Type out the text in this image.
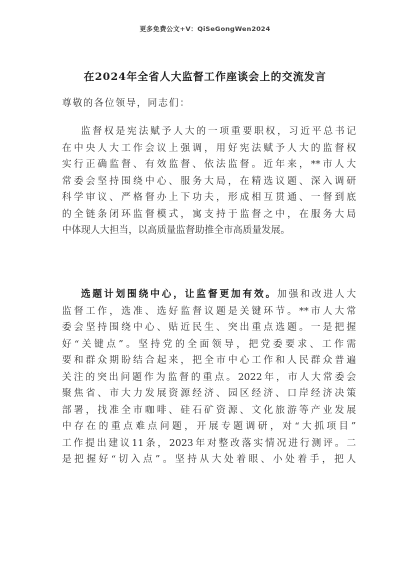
更多免费公文+V：QiSeGongWen2024
在2024年全省人大监督工作座谈会上的交流发言
尊敬的各位领导，同志们：
监督权是宪法赋予人大的一项重要职权，习近平总书记
在中央人大工作会议上强调，用好宪法赋予人大的监督权
实行正确监督、有效监督、依法监督。近年来，**市人大
常委会坚持围绕中心、服务大局，在精选议题、深入调研
科学审议、严格督办上下功夫，形成相互贯通、一督到底
的全链条闭环监督模式，寓支持于监督之中，在服务大局
中体现人大担当，以高质量监督助推全市高质量发展。
选题计划围绕中心，让监督更加有效。加强和改进人大
监督工作，选准、选好监督议题是关键环节。**市人大常
委会坚持围绕中心、贴近民生、突出重点选题。一是把握
好“关键点”。坚持党的全面领导，把党委要求、工作需
要和群众期盼结合起来，把全市中心工作和人民群众普遍
关注的突出问题作为监督的重点。2022年，市人大常委会
聚焦省、市大力发展资源经济、园区经济、口岸经济决策
部署，找准全市咖啡、硅石矿资源、文化旅游等产业发展
中存在的重点难点问题，开展专题调研，对“大抓项目”
工作提出建议11条，2023年对整改落实情况进行测评。二
是把握好“切入点”。坚持从大处着眼、小处着手，把人
